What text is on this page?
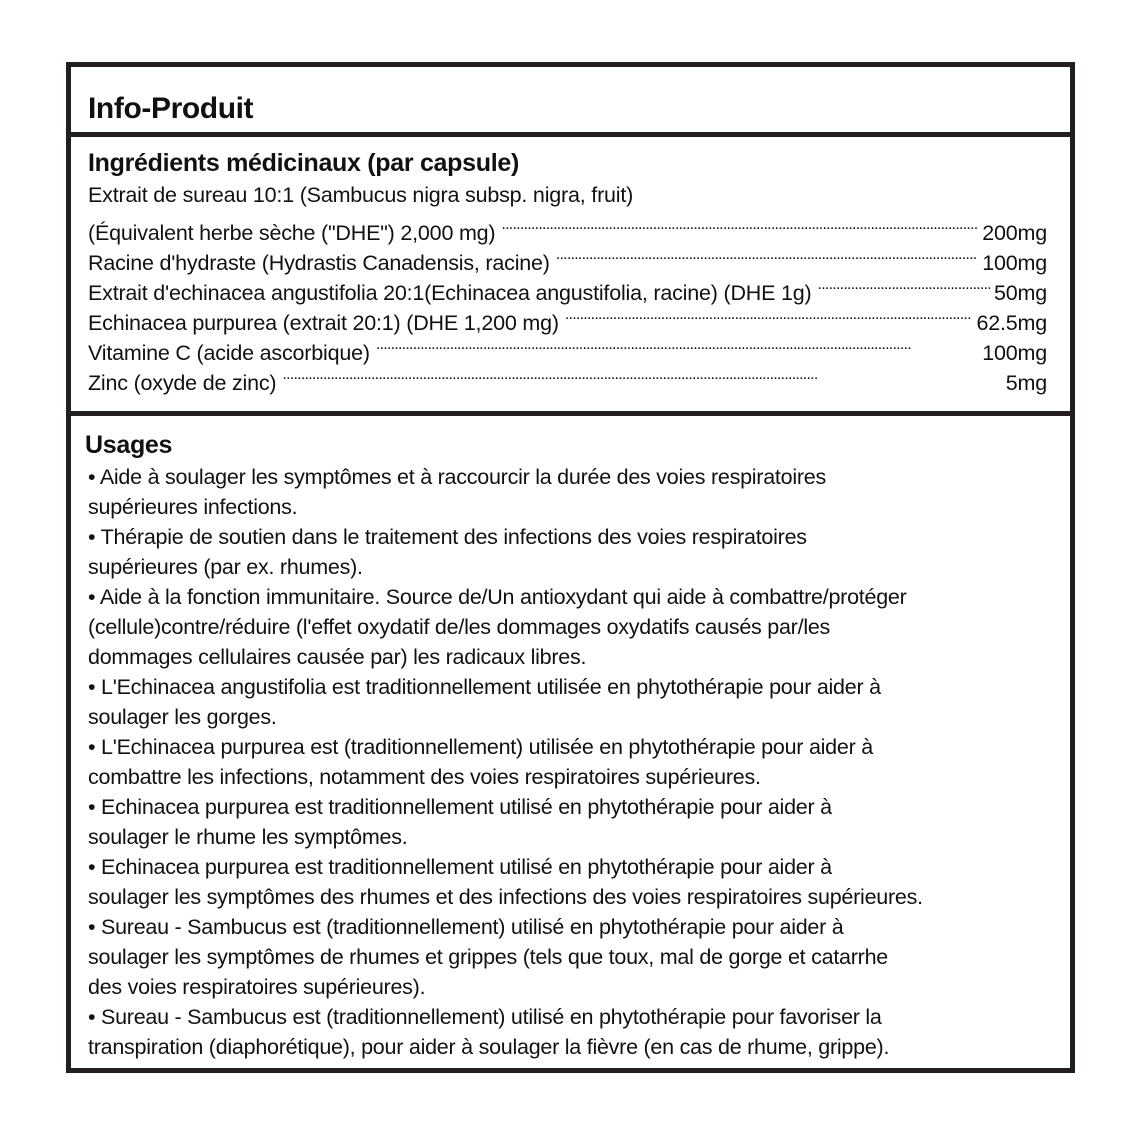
Info-Produit
Ingrédients médicinaux (par capsule)
Extrait de sureau 10:1 (Sambucus nigra subsp. nigra, fruit)
(Équivalent herbe sèche ("DHE") 2,000 mg) . . .	200mg
Racine d'hydraste (Hydrastis Canadensis, racine) . . .	100mg
Extrait d'echinacea angustifolia 20:1(Echinacea angustifolia, racine) (DHE 1g) . . .	50mg
Echinacea purpurea (extrait 20:1) (DHE 1,200 mg) . . .	62.5mg
Vitamine C (acide ascorbique) . . .	100mg
Zinc (oxyde de zinc) . . .	5mg
Usages
• Aide à soulager les symptômes et à raccourcir la durée des voies respiratoires
supérieures infections.
• Thérapie de soutien dans le traitement des infections des voies respiratoires
supérieures (par ex. rhumes).
• Aide à la fonction immunitaire. Source de/Un antioxydant qui aide à combattre/protéger
(cellule)contre/réduire (l'effet oxydatif de/les dommages oxydatifs causés par/les
dommages cellulaires causée par) les radicaux libres.
• L'Echinacea angustifolia est traditionnellement utilisée en phytothérapie pour aider à
soulager les gorges.
• L'Echinacea purpurea est (traditionnellement) utilisée en phytothérapie pour aider à
combattre les infections, notamment des voies respiratoires supérieures.
• Echinacea purpurea est traditionnellement utilisé en phytothérapie pour aider à
soulager le rhume les symptômes.
• Echinacea purpurea est traditionnellement utilisé en phytothérapie pour aider à
soulager les symptômes des rhumes et des infections des voies respiratoires supérieures.
• Sureau - Sambucus est (traditionnellement) utilisé en phytothérapie pour aider à
soulager les symptômes de rhumes et grippes (tels que toux, mal de gorge et catarrhe
des voies respiratoires supérieures).
• Sureau - Sambucus est (traditionnellement) utilisé en phytothérapie pour favoriser la
transpiration (diaphorétique), pour aider à soulager la fièvre (en cas de rhume, grippe).
